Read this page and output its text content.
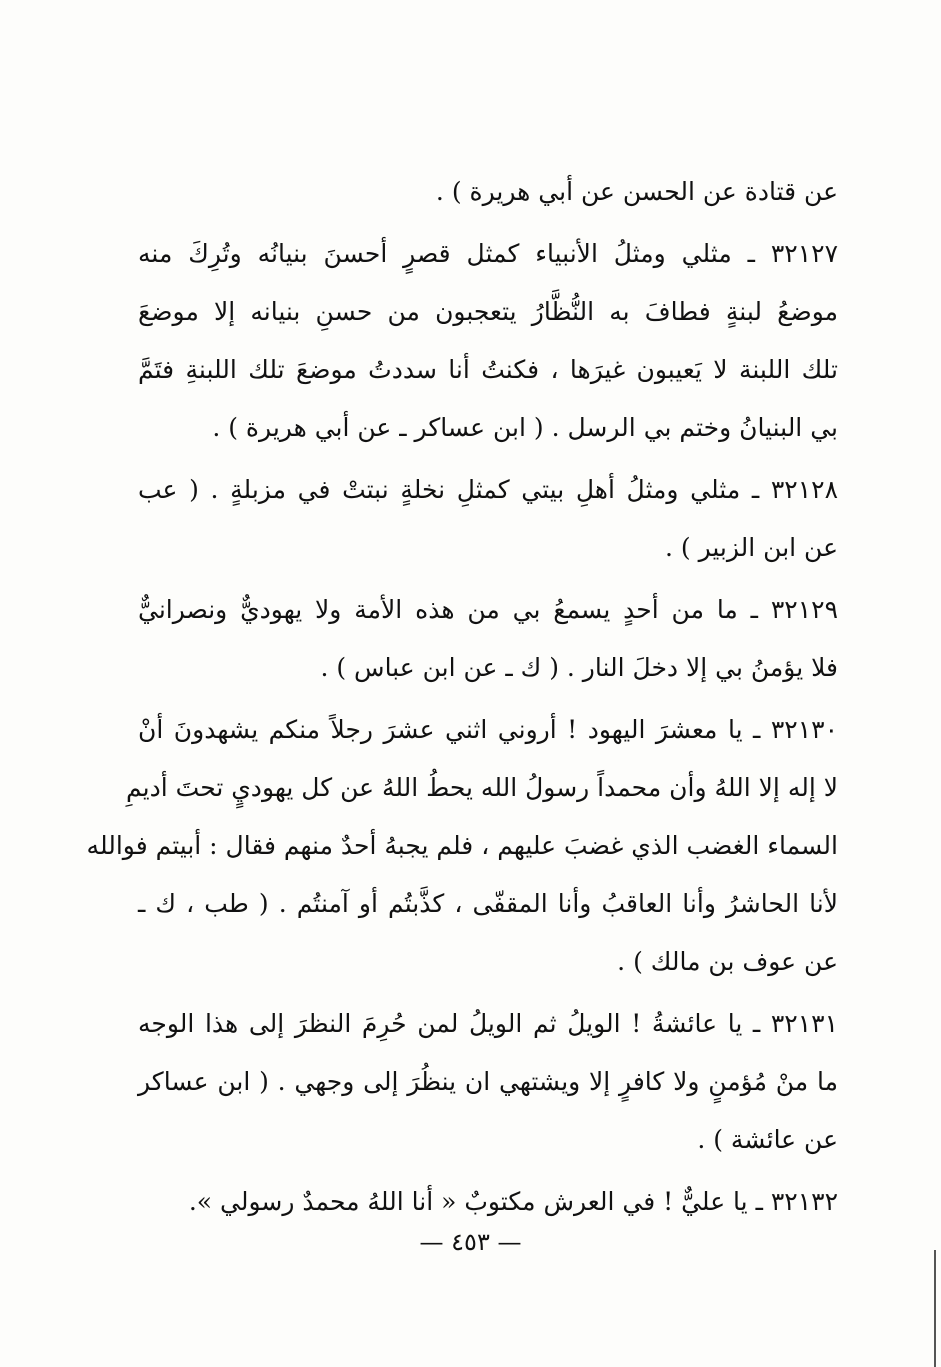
عن قتادة عن الحسن عن أبي هريرة ) .
٣٢١٢٧ ـ مثلي ومثلُ الأنبياء كمثل قصرٍ أحسنَ بنيانُه وتُرِكَ منه
موضعُ لبنةٍ فطافَ به النُّظَّارُ يتعجبون من حسنِ بنيانه إلا موضعَ
تلك اللبنة لا يَعيبون غيرَها ، فكنتُ أنا سددتُ موضعَ تلك اللبنةِ فتَمَّ
بي البنيانُ وختم بي الرسل . ( ابن عساكر ـ عن أبي هريرة ) .
٣٢١٢٨ ـ مثلي ومثلُ أهلِ بيتي كمثلِ نخلةٍ نبتتْ في مزبلةٍ . ( عب
عن ابن الزبير ) .
٣٢١٢٩ ـ ما من أحدٍ يسمعُ بي من هذه الأمة ولا يهوديٌّ ونصرانيٌّ
فلا يؤمنُ بي إلا دخلَ النار . ( ك ـ عن ابن عباس ) .
٣٢١٣٠ ـ يا معشرَ اليهود ! أروني اثني عشرَ رجلاً منكم يشهدونَ أنْ
لا إله إلا اللهُ وأن محمداً رسولُ الله يحطُ اللهُ عن كل يهوديٍ تحتَ أديمِ
السماء الغضب الذي غضبَ عليهم ، فلم يجبهُ أحدٌ منهم فقال : أبيتم فوالله
لأنا الحاشرُ وأنا العاقبُ وأنا المقفّى ، كذَّبتُم أو آمنتُم . ( طب ، ك ـ
عن عوف بن مالك ) .
٣٢١٣١ ـ يا عائشةُ ! الويلُ ثم الويلُ لمن حُرِمَ النظرَ إلى هذا الوجه
ما منْ مُؤمنٍ ولا كافرٍ إلا ويشتهي ان ينظُرَ إلى وجهي . ( ابن عساكر
عن عائشة ) .
٣٢١٣٢ ـ يا عليٌّ ! في العرش مكتوبٌ « أنا اللهُ محمدٌ رسولي ».
— ٤٥٣ —
